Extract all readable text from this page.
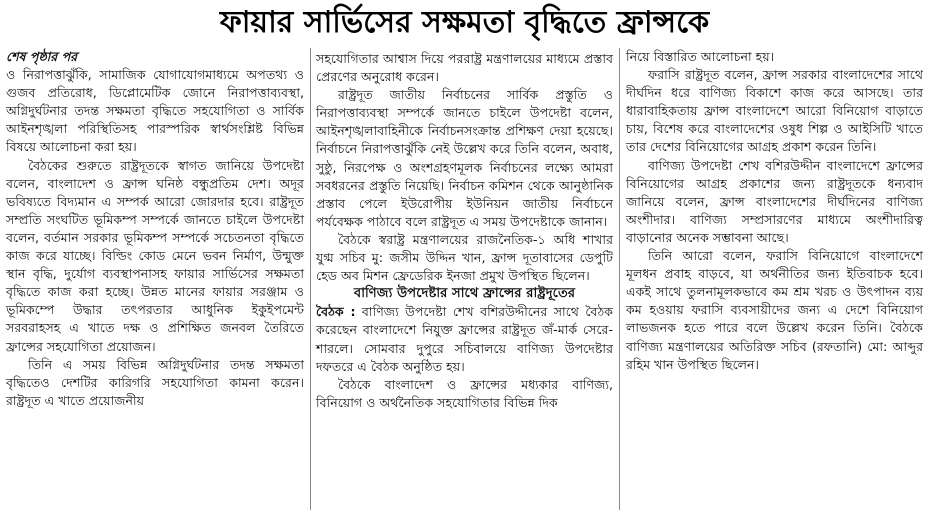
ফায়ার সার্ভিসের সক্ষমতা বৃদ্ধিতে ফ্রান্সকে

শেষ পৃষ্ঠার পর

ও নিরাপত্তাঝুঁকি, সামাজিক যোগাযোগমাধ্যমে অপতথ্য ও গুজব প্রতিরোধ, ডিপ্লোমেটিক জোনে নিরাপত্তাব্যবস্থা, অগ্নিদুর্ঘটনার তদন্ত সক্ষমতা বৃদ্ধিতে সহযোগিতা ও সার্বিক আইনশৃঙ্খলা পরিস্থিতিসহ পারস্পরিক স্বার্থসংশ্লিষ্ট বিভিন্ন বিষয়ে আলোচনা করা হয়।

বৈঠকের শুরুতে রাষ্ট্রদূতকে স্বাগত জানিয়ে উপদেষ্টা বলেন, বাংলাদেশ ও ফ্রান্স ঘনিষ্ঠ বন্ধুপ্রতিম দেশ। অদূর ভবিষ্যতে বিদ্যমান এ সম্পর্ক আরো জোরদার হবে। রাষ্ট্রদূত সম্প্রতি সংঘটিত ভূমিকম্প সম্পর্কে জানতে চাইলে উপদেষ্টা বলেন, বর্তমান সরকার ভূমিকম্প সম্পর্কে সচেতনতা বৃদ্ধিতে কাজ করে যাচ্ছে। বিল্ডিং কোড মেনে ভবন নির্মাণ, উন্মুক্ত স্থান বৃদ্ধি, দুর্যোগ ব্যবস্থাপনাসহ ফায়ার সার্ভিসের সক্ষমতা বৃদ্ধিতে কাজ করা হচ্ছে। উন্নত মানের ফায়ার সরঞ্জাম ও ভূমিকম্পে উদ্ধার তৎপরতার আধুনিক ইকুইপমেন্ট সরবরাহসহ এ খাতে দক্ষ ও প্রশিক্ষিত জনবল তৈরিতে ফ্রান্সের সহযোগিতা প্রয়োজন।

তিনি এ সময় বিভিন্ন অগ্নিদুর্ঘটনার তদন্ত সক্ষমতা বৃদ্ধিতেও দেশটির কারিগরি সহযোগিতা কামনা করেন। রাষ্ট্রদূত এ খাতে প্রয়োজনীয়

সহযোগিতার আশ্বাস দিয়ে পররাষ্ট্র মন্ত্রণালয়ের মাধ্যমে প্রস্তাব প্রেরণের অনুরোধ করেন।

রাষ্ট্রদূত জাতীয় নির্বাচনের সার্বিক প্রস্তুতি ও নিরাপত্তাব্যবস্থা সম্পর্কে জানতে চাইলে উপদেষ্টা বলেন, আইনশৃঙ্খলাবাহিনীকে নির্বাচনসংক্রান্ত প্রশিক্ষণ দেয়া হয়েছে। নির্বাচনে নিরাপত্তাঝুঁকি নেই উল্লেখ করে তিনি বলেন, অবাধ, সুষ্ঠু, নিরপেক্ষ ও অংশগ্রহণমূলক নির্বাচনের লক্ষ্যে আমরা সবধরনের প্রস্তুতি নিয়েছি। নির্বাচন কমিশন থেকে আনুষ্ঠানিক প্রস্তাব পেলে ইউরোপীয় ইউনিয়ন জাতীয় নির্বাচনে পর্যবেক্ষক পাঠাবে বলে রাষ্ট্রদূত এ সময় উপদেষ্টাকে জানান।

বৈঠকে স্বরাষ্ট্র মন্ত্রণালয়ের রাজনৈতিক-১ অধি শাখার যুগ্ম সচিব মু: জসীম উদ্দিন খান, ফ্রান্স দূতাবাসের ডেপুটি হেড অব মিশন ফ্রেডেরিক ইনজা প্রমুখ উপস্থিত ছিলেন।

বাণিজ্য উপদেষ্টার সাথে ফ্রান্সের রাষ্ট্রদূতের

বৈঠক : বাণিজ্য উপদেষ্টা শেখ বশিরউদ্দীনের সাথে বৈঠক করেছেন বাংলাদেশে নিযুক্ত ফ্রান্সের রাষ্ট্রদূত জঁ-মার্ক সেরে-শারলে। সোমবার দুপুরে সচিবালয়ে বাণিজ্য উপদেষ্টার দফতরে এ বৈঠক অনুষ্ঠিত হয়।

বৈঠকে বাংলাদেশ ও ফ্রান্সের মধ্যকার বাণিজ্য, বিনিয়োগ ও অর্থনৈতিক সহযোগিতার বিভিন্ন দিক

নিয়ে বিস্তারিত আলোচনা হয়।

ফরাসি রাষ্ট্রদূত বলেন, ফ্রান্স সরকার বাংলাদেশের সাথে দীর্ঘদিন ধরে বাণিজ্য বিকাশে কাজ করে আসছে। তার ধারাবাহিকতায় ফ্রান্স বাংলাদেশে আরো বিনিয়োগ বাড়াতে চায়, বিশেষ করে বাংলাদেশের ওষুধ শিল্প ও আইসিটি খাতে তার দেশের বিনিয়োগের আগ্রহ প্রকাশ করেন তিনি।

বাণিজ্য উপদেষ্টা শেখ বশিরউদ্দীন বাংলাদেশে ফ্রান্সের বিনিয়োগের আগ্রহ প্রকাশের জন্য রাষ্ট্রদূতকে ধন্যবাদ জানিয়ে বলেন, ফ্রান্স বাংলাদেশের দীর্ঘদিনের বাণিজ্য অংশীদার। বাণিজ্য সম্প্রসারণের মাধ্যমে অংশীদারিত্ব বাড়ানোর অনেক সম্ভাবনা আছে।

তিনি আরো বলেন, ফরাসি বিনিয়োগে বাংলাদেশে মূলধন প্রবাহ বাড়বে, যা অর্থনীতির জন্য ইতিবাচক হবে। একই সাথে তুলনামূলকভাবে কম শ্রম খরচ ও উৎপাদন ব্যয় কম হওয়ায় ফরাসি ব্যবসায়ীদের জন্য এ দেশে বিনিয়োগ লাভজনক হতে পারে বলে উল্লেখ করেন তিনি। বৈঠকে বাণিজ্য মন্ত্রণালয়ের অতিরিক্ত সচিব (রফতানি) মো: আব্দুর রহিম খান উপস্থিত ছিলেন।
